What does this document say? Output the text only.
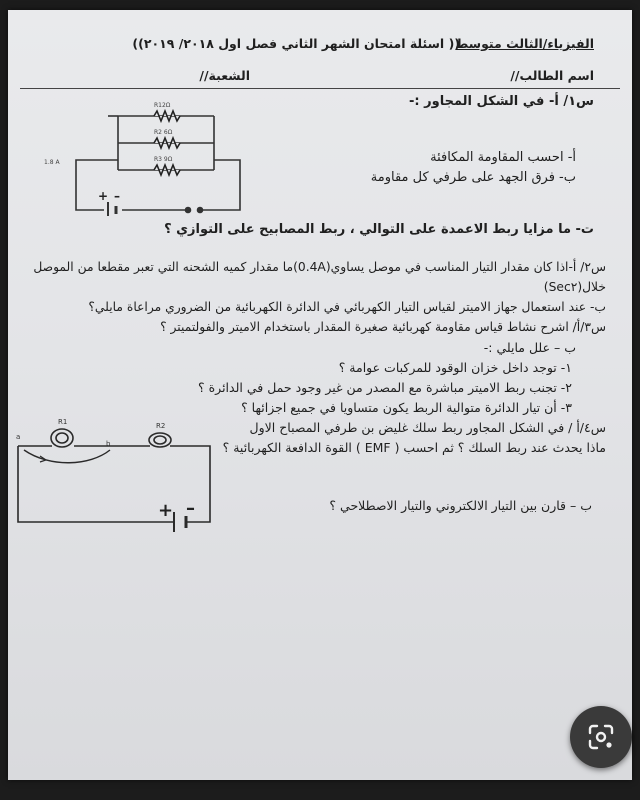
الفيزياء/الثالث متوسط
(( اسئلة امتحان الشهر الثاني فصل اول ٢٠١٨/ ٢٠١٩))
اسم الطالب//
الشعبة//
س١/ أ- في الشكل المجاور :-
أ- احسب المقاومة المكافئة
ب- فرق الجهد على طرفي كل مقاومة
ت- ما مزايا ربط الاعمدة على التوالي ، ربط المصابيح على التوازي ؟
+ –
R12Ω
R2 6Ω
R3 9Ω
1.8 A
س٢/ أ-اذا كان مقدار التيار المناسب في موصل يساوي(0.4A)ما مقدار كميه الشحنه التي تعبر مقطعا من الموصل
خلال(Sec٢)
ب- عند استعمال جهاز الاميتر لقياس التيار الكهربائي في الدائرة الكهربائية من الضروري مراعاة مايلي؟
س٣/أ/ اشرح نشاط قياس مقاومة كهربائية صغيرة المقدار باستخدام الاميتر والفولتميتر ؟
ب – علل مايلي :-
١- توجد داخل خزان الوقود للمركبات عوامة ؟
٢- تجنب ربط الاميتر مباشرة مع المصدر من غير وجود حمل في الدائرة ؟
٣- أن تيار الدائرة متوالية الربط يكون متساويا في جميع اجزائها ؟
س٤/أ / في الشكل المجاور ربط سلك غليض بن طرفي المصباح الاول
ماذا يحدث عند ربط السلك ؟ ثم احسب ( EMF ) القوة الدافعة الكهربائية ؟
ب – قارن بين التيار الالكتروني والتيار الاصطلاحي ؟
R1	R2
a
b
+ –
